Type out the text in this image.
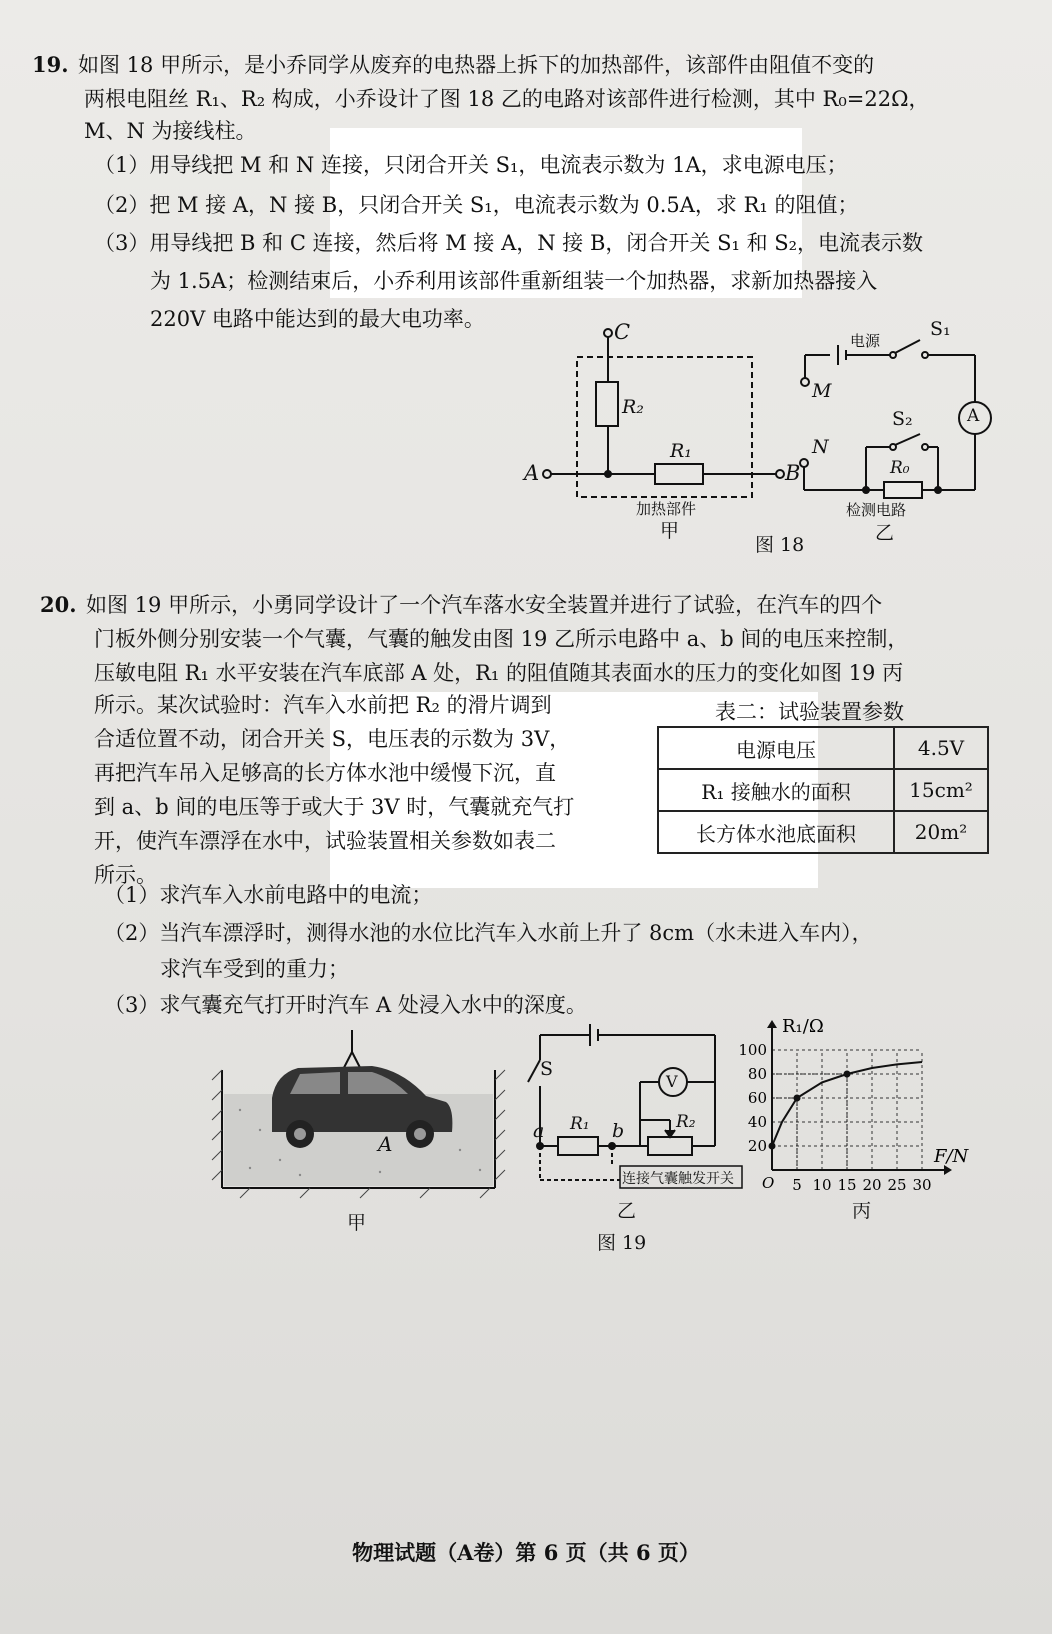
19. 如图 18 甲所示，是小乔同学从废弃的电热器上拆下的加热部件，该部件由阻值不变的
两根电阻丝 R₁、R₂ 构成，小乔设计了图 18 乙的电路对该部件进行检测，其中 R₀=22Ω，
M、N 为接线柱。
（1）用导线把 M 和 N 连接，只闭合开关 S₁，电流表示数为 1A，求电源电压；
（2）把 M 接 A，N 接 B，只闭合开关 S₁，电流表示数为 0.5A，求 R₁ 的阻值；
（3）用导线把 B 和 C 连接，然后将 M 接 A，N 接 B，闭合开关 S₁ 和 S₂，电流表示数
为 1.5A；检测结束后，小乔利用该部件重新组装一个加热器，求新加热器接入
220V 电路中能达到的最大电功率。
C
A	B
R₂
R₁
加热部件
甲
图 18
电源
S₁
M
N
S₂	A
R₀
检测电路
乙
20. 如图 19 甲所示，小勇同学设计了一个汽车落水安全装置并进行了试验，在汽车的四个
门板外侧分别安装一个气囊，气囊的触发由图 19 乙所示电路中 a、b 间的电压来控制，
压敏电阻 R₁ 水平安装在汽车底部 A 处，R₁ 的阻值随其表面水的压力的变化如图 19 丙
所示。某次试验时：汽车入水前把 R₂ 的滑片调到
合适位置不动，闭合开关 S，电压表的示数为 3V，
再把汽车吊入足够高的长方体水池中缓慢下沉，直
到 a、b 间的电压等于或大于 3V 时，气囊就充气打
开，使汽车漂浮在水中，试验装置相关参数如表二
所示。
表二：试验装置参数
电源电压	4.5V
R₁ 接触水的面积	15cm²
长方体水池底面积	20m²
（1）求汽车入水前电路中的电流；
（2）当汽车漂浮时，测得水池的水位比汽车入水前上升了 8cm（水未进入车内），
求汽车受到的重力；
（3）求气囊充气打开时汽车 A 处浸入水中的深度。
5 10 15 20 25 30
20
40
60
80
100
O
R₁/Ω
F/N
A
甲
S
V
a	b
R₁	R₂
连接气囊触发开关
乙
图 19
丙
物理试题（A卷）第 6 页（共 6 页）
